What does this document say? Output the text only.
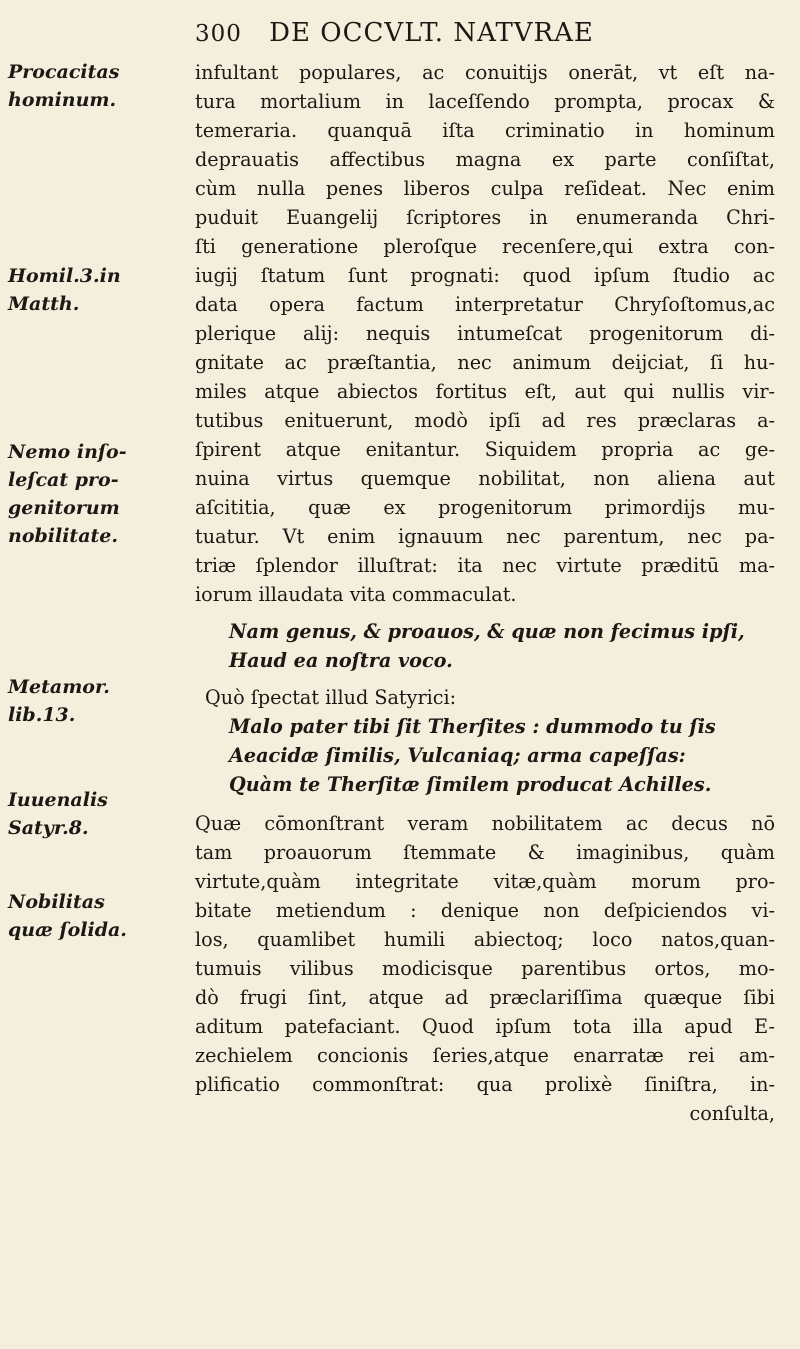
300 DE OCCVLT. NATVRAE
infultant populares, ac conuitijs onerāt, vt eſt na-
tura mortalium in laceſſendo prompta, procax &
temeraria. quanquā iſta criminatio in hominum
deprauatis affectibus magna ex parte conſiſtat,
cùm nulla penes liberos culpa reſideat. Nec enim
puduit Euangelij ſcriptores in enumeranda Chri-
ſti generatione pleroſque recenſere,qui extra con-
iugij ſtatum ſunt prognati: quod ipſum ſtudio ac
data opera factum interpretatur Chryſoſtomus,ac
plerique alij: nequis intumeſcat progenitorum di-
gnitate ac præſtantia, nec animum deijciat, ſi hu-
miles atque abiectos fortitus eſt, aut qui nullis vir-
tutibus enituerunt, modò ipſi ad res præclaras a-
ſpirent atque enitantur. Siquidem propria ac ge-
nuina virtus quemque nobilitat, non aliena aut
aſcititia, quæ ex progenitorum primordijs mu-
tuatur. Vt enim ignauum nec parentum, nec pa-
triæ ſplendor illuſtrat: ita nec virtute præditū ma-
iorum illaudata vita commaculat.
Nam genus, & proauos, & quæ non fecimus ipſi,
Haud ea noſtra voco.
Quò ſpectat illud Satyrici:
Malo pater tibi ſit Therſites : dummodo tu ſis
Aeacidæ ſimilis, Vulcaniaq; arma capeſſas:
Quàm te Therſitæ ſimilem producat Achilles.
Quæ cōmonſtrant veram nobilitatem ac decus nō
tam proauorum ſtemmate & imaginibus, quàm
virtute,quàm integritate vitæ,quàm morum pro-
bitate metiendum : denique non deſpiciendos vi-
los, quamlibet humili abiectoq; loco natos,quan-
tumuis vilibus modicisque parentibus ortos, mo-
dò frugi ſint, atque ad præclariſſima quæque ſibi
aditum patefaciant. Quod ipſum tota illa apud E-
zechielem concionis ſeries,atque enarratæ rei am-
plificatio commonſtrat: qua prolixè ſiniſtra, in-
conſulta,
Procacitas
hominum.
Homil.3.in
Matth.
Nemo inſo-
leſcat pro-
genitorum
nobilitate.
Metamor.
lib.13.
Iuuenalis
Satyr.8.
Nobilitas
quæ ſolida.
